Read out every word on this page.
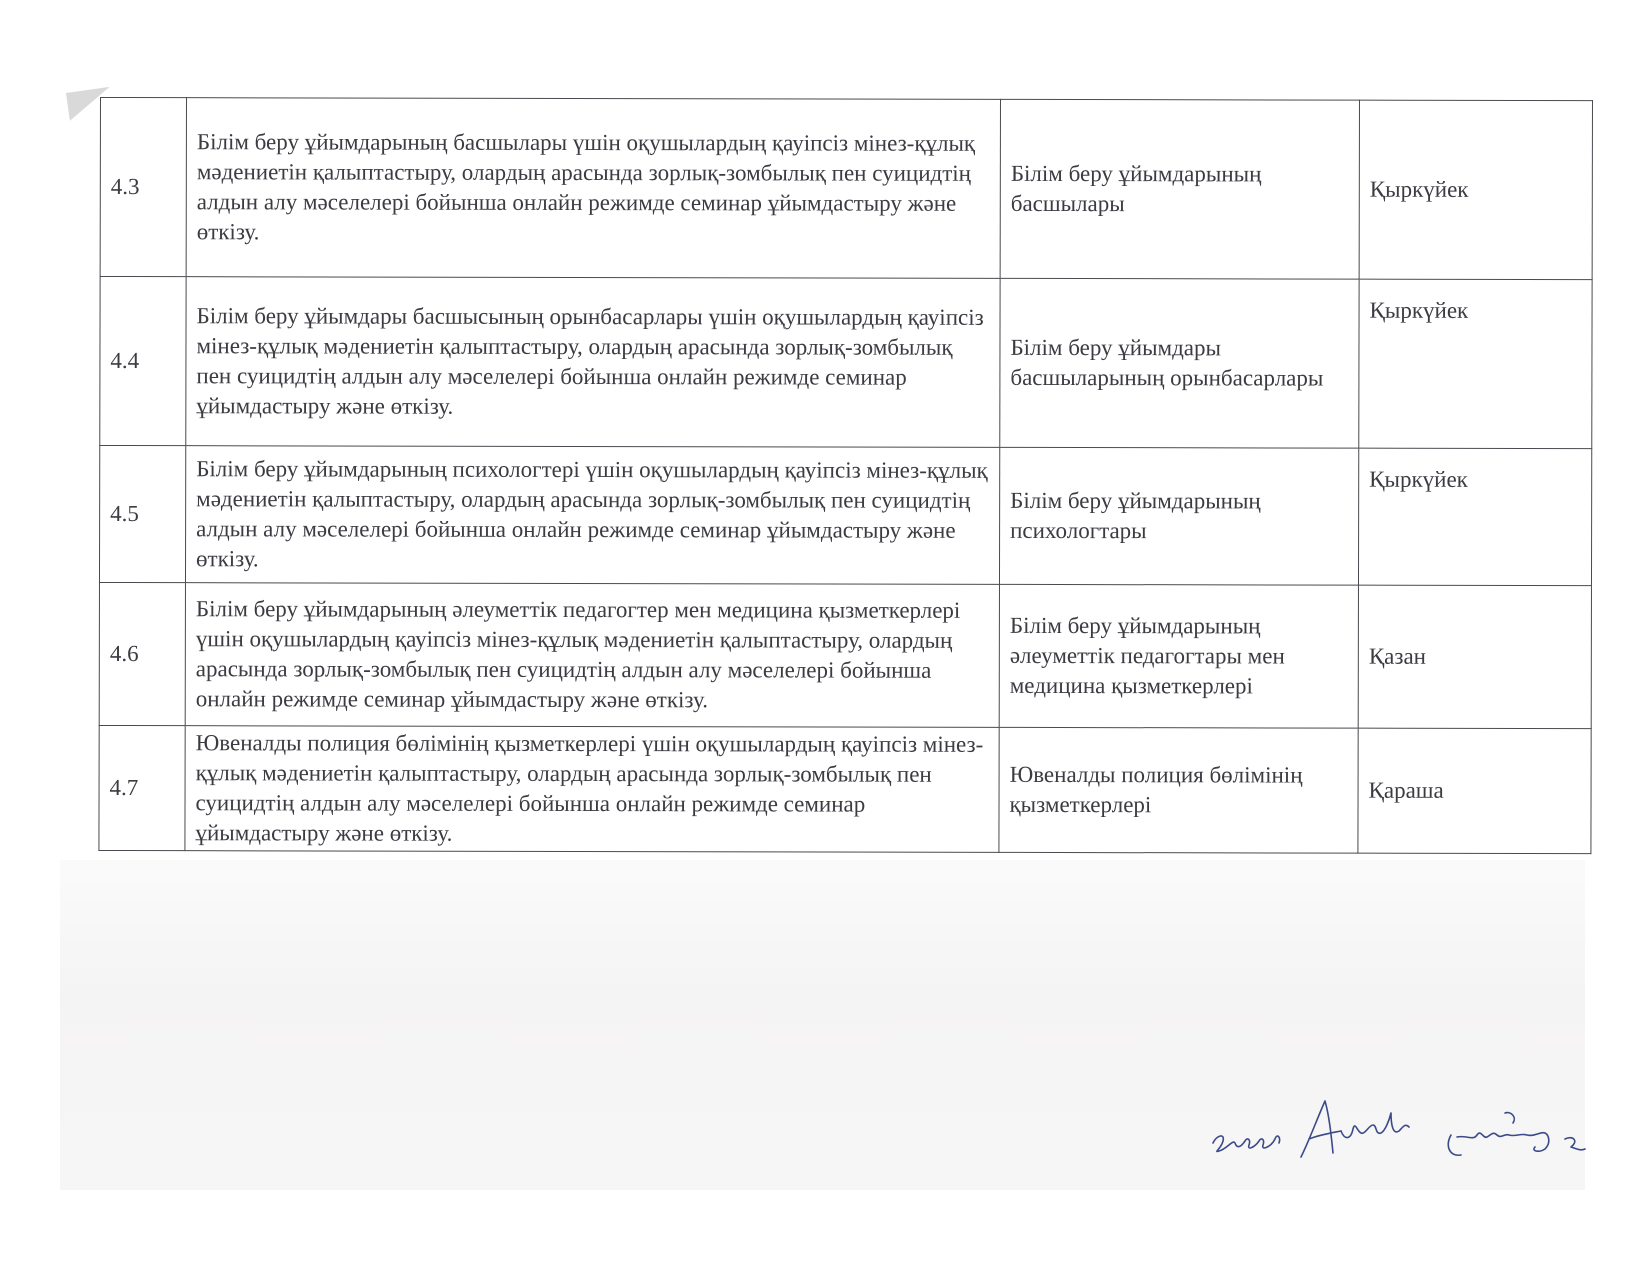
4.3	Білім беру ұйымдарының басшылары үшін оқушылардың қауіпсіз мінез-құлық мәдениетін қалыптастыру, олардың арасында зорлық-зомбылық пен суицидтің алдын алу мәселелері бойынша онлайн режимде семинар ұйымдастыру және өткізу.	Білім беру ұйымдарының басшылары	Қыркүйек
4.4	Білім беру ұйымдары басшысының орынбасарлары үшін оқушылардың қауіпсіз мінез-құлық мәдениетін қалыптастыру, олардың арасында зорлық-зомбылық пен суицидтің алдын алу мәселелері бойынша онлайн режимде семинар ұйымдастыру және өткізу.	Білім беру ұйымдары басшыларының орынбасарлары	Қыркүйек
4.5	Білім беру ұйымдарының психологтері үшін оқушылардың қауіпсіз мінез-құлық мәдениетін қалыптастыру, олардың арасында зорлық-зомбылық пен суицидтің алдын алу мәселелері бойынша онлайн режимде семинар ұйымдастыру және өткізу.	Білім беру ұйымдарының психологтары	Қыркүйек
4.6	Білім беру ұйымдарының әлеуметтік педагогтер мен медицина қызметкерлері үшін оқушылардың қауіпсіз мінез-құлық мәдениетін қалыптастыру, олардың арасында зорлық-зомбылық пен суицидтің алдын алу мәселелері бойынша онлайн режимде семинар ұйымдастыру және өткізу.	Білім беру ұйымдарының әлеуметтік педагогтары мен медицина қызметкерлері	Қазан
4.7	Ювеналды полиция бөлімінің қызметкерлері үшін оқушылардың қауіпсіз мінез-құлық мәдениетін қалыптастыру, олардың арасында зорлық-зомбылық пен суицидтің алдын алу мәселелері бойынша онлайн режимде семинар ұйымдастыру және өткізу.	Ювеналды полиция бөлімінің қызметкерлері	Қараша
